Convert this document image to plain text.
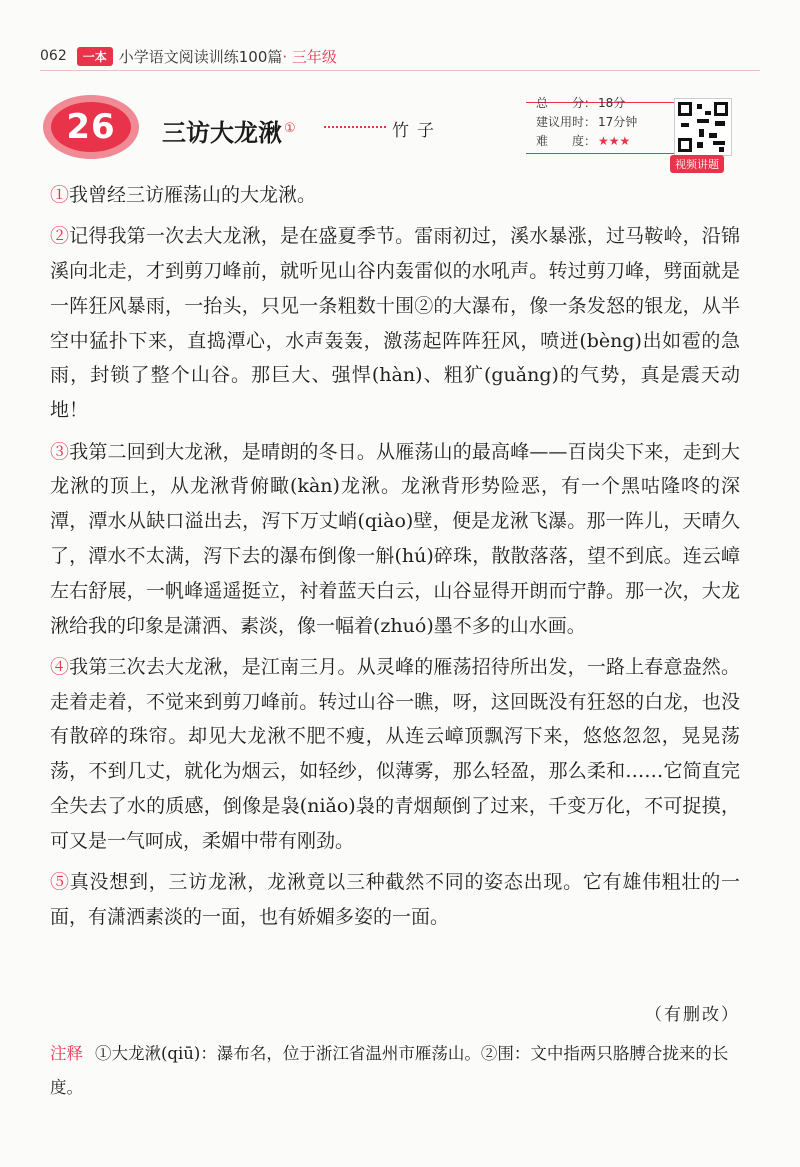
062	一本 小学语文阅读训练100篇· 三年级
26	三访大龙湫 ①	竹子
总　　分： 18分
建议用时： 17分钟
难　　度： ★★★
视频讲题

①我曾经三访雁荡山的大龙湫。

②记得我第一次去大龙湫，是在盛夏季节。雷雨初过，溪水暴涨，过马鞍岭，沿锦溪向北走，才到剪刀峰前，就听见山谷内轰雷似的水吼声。转过剪刀峰，劈面就是一阵狂风暴雨，一抬头，只见一条粗数十围②的大瀑布，像一条发怒的银龙，从半空中猛扑下来，直捣潭心，水声轰轰，激荡起阵阵狂风，喷迸(bèng)出如雹的急雨，封锁了整个山谷。那巨大、强悍(hàn)、粗犷(guǎng)的气势，真是震天动地！

③我第二回到大龙湫，是晴朗的冬日。从雁荡山的最高峰——百岗尖下来，走到大龙湫的顶上，从龙湫背俯瞰(kàn)龙湫。龙湫背形势险恶，有一个黑咕隆咚的深潭，潭水从缺口溢出去，泻下万丈峭(qiào)壁，便是龙湫飞瀑。那一阵儿，天晴久了，潭水不太满，泻下去的瀑布倒像一斛(hú)碎珠，散散落落，望不到底。连云嶂左右舒展，一帆峰遥遥挺立，衬着蓝天白云，山谷显得开朗而宁静。那一次，大龙湫给我的印象是潇洒、素淡，像一幅着(zhuó)墨不多的山水画。

④我第三次去大龙湫，是江南三月。从灵峰的雁荡招待所出发，一路上春意盎然。走着走着，不觉来到剪刀峰前。转过山谷一瞧，呀，这回既没有狂怒的白龙，也没有散碎的珠帘。却见大龙湫不肥不瘦，从连云嶂顶飘泻下来，悠悠忽忽，晃晃荡荡，不到几丈，就化为烟云，如轻纱，似薄雾，那么轻盈，那么柔和……它简直完全失去了水的质感，倒像是袅(niǎo)袅的青烟颠倒了过来，千变万化，不可捉摸，可又是一气呵成，柔媚中带有刚劲。

⑤真没想到，三访龙湫，龙湫竟以三种截然不同的姿态出现。它有雄伟粗壮的一面，有潇洒素淡的一面，也有娇媚多姿的一面。

（有删改）
注释 ①大龙湫(qiū)：瀑布名，位于浙江省温州市雁荡山。②围：文中指两只胳膊合拢来的长度。
